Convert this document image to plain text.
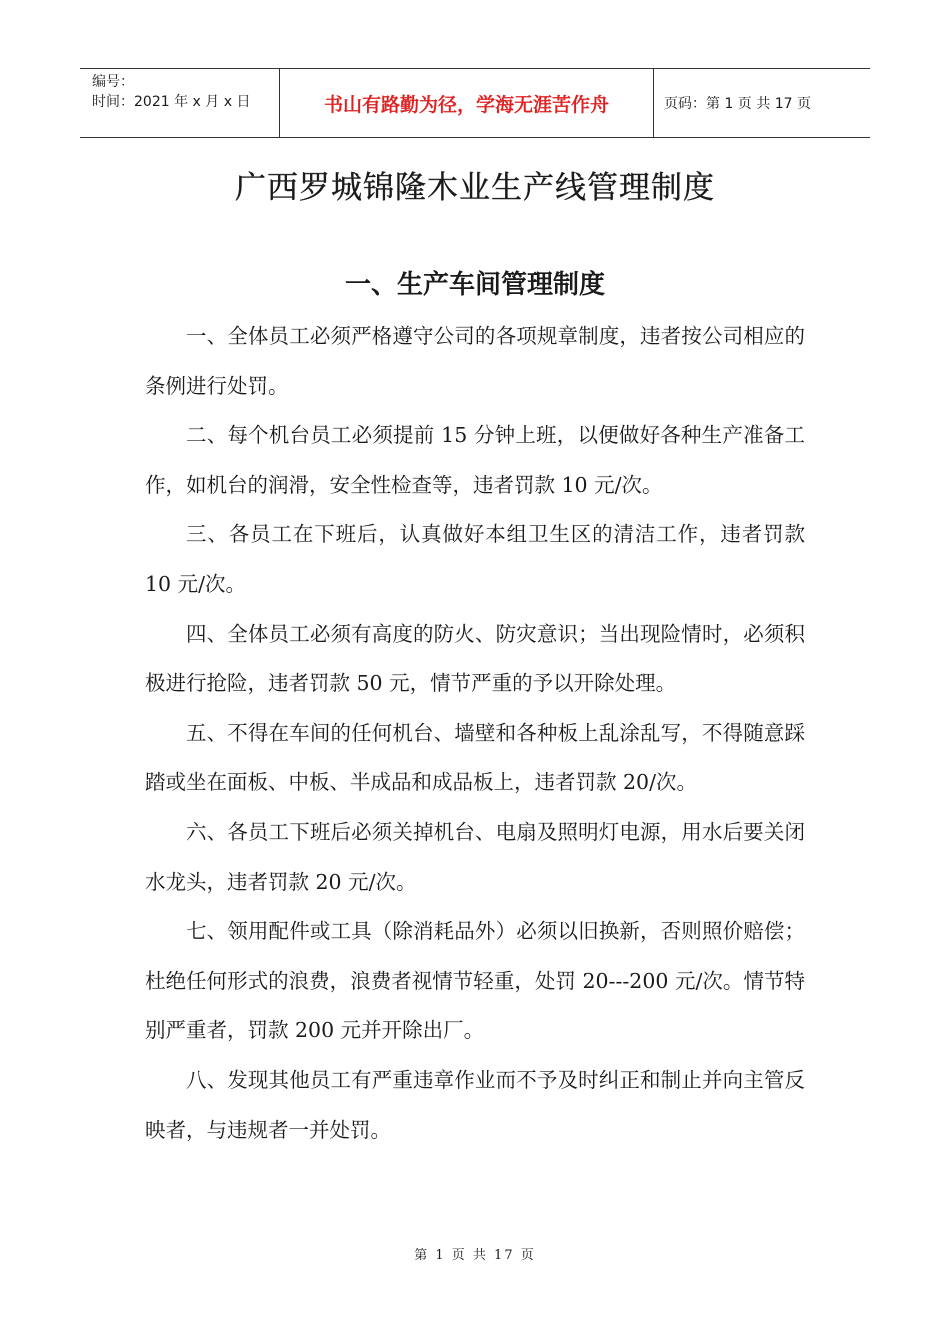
编号：
时间：2021 年 x 月 x 日	书山有路勤为径，学海无涯苦作舟	页码：第 1 页 共 17 页
广西罗城锦隆木业生产线管理制度
一、生产车间管理制度

一、全体员工必须严格遵守公司的各项规章制度，违者按公司相应的条例进行处罚。

二、每个机台员工必须提前 15 分钟上班，以便做好各种生产准备工作，如机台的润滑，安全性检查等，违者罚款 10 元/次。

三、各员工在下班后，认真做好本组卫生区的清洁工作，违者罚款 10 元/次。

四、全体员工必须有高度的防火、防灾意识；当出现险情时，必须积极进行抢险，违者罚款 50 元，情节严重的予以开除处理。

五、不得在车间的任何机台、墙壁和各种板上乱涂乱写，不得随意踩踏或坐在面板、中板、半成品和成品板上，违者罚款 20/次。

六、各员工下班后必须关掉机台、电扇及照明灯电源，用水后要关闭水龙头，违者罚款 20 元/次。

七、领用配件或工具（除消耗品外）必须以旧换新，否则照价赔偿；杜绝任何形式的浪费，浪费者视情节轻重，处罚 20---200 元/次。情节特别严重者，罚款 200 元并开除出厂。

八、发现其他员工有严重违章作业而不予及时纠正和制止并向主管反映者，与违规者一并处罚。

第 1 页 共 17 页
